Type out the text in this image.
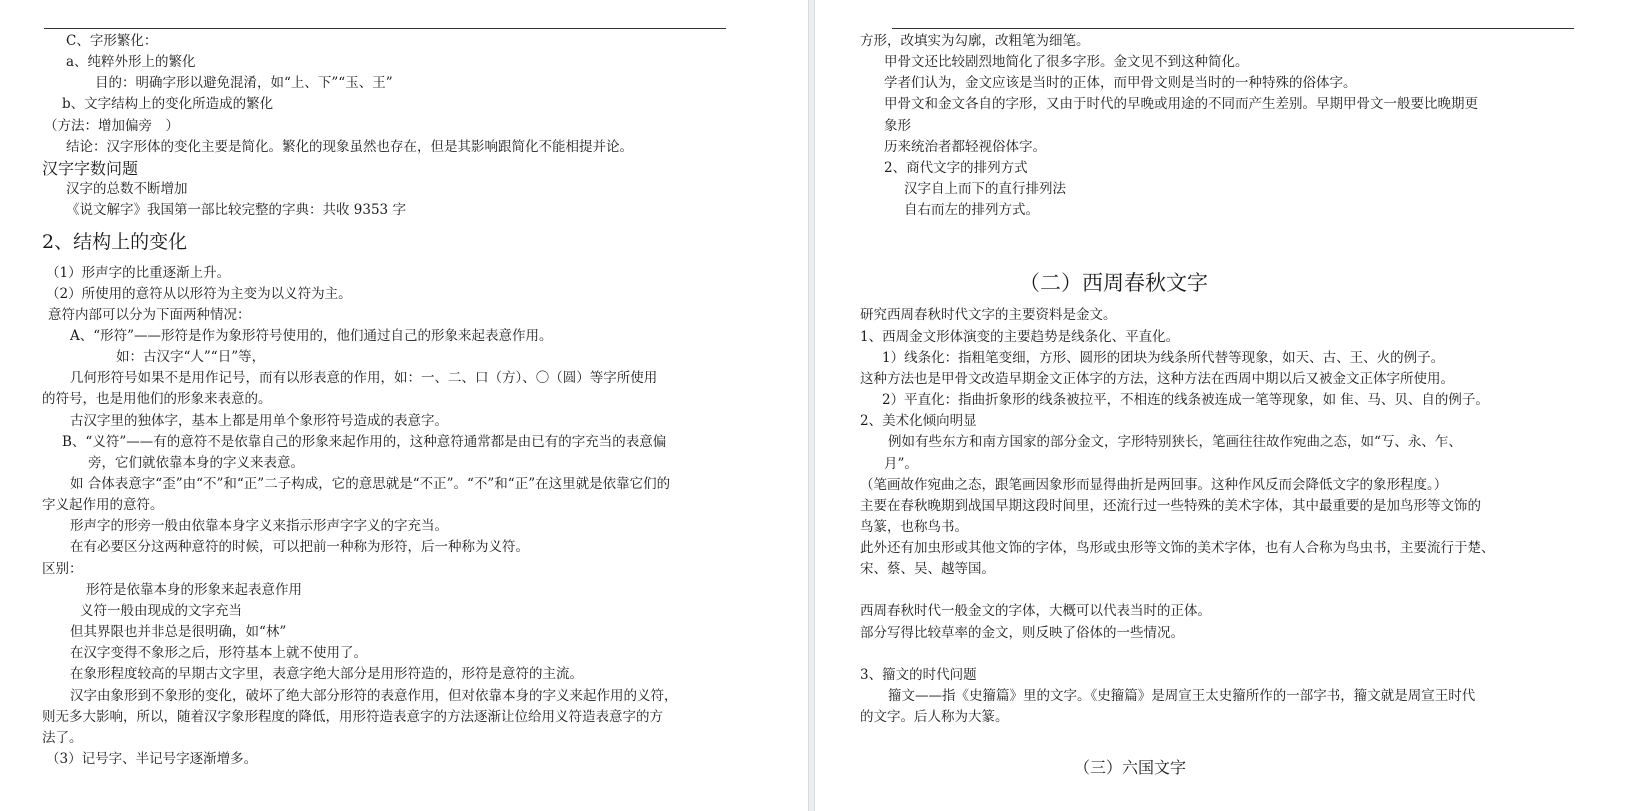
C、字形繁化：
a、纯粹外形上的繁化
目的：明确字形以避免混淆，如“上、下”“玉、王”
b、文字结构上的变化所造成的繁化
（方法：增加偏旁　）
结论：汉字形体的变化主要是简化。繁化的现象虽然也存在，但是其影响跟简化不能相提并论。
汉字字数问题
汉字的总数不断增加
《说文解字》我国第一部比较完整的字典：共收 9353 字
2、结构上的变化
（1）形声字的比重逐渐上升。
（2）所使用的意符从以形符为主变为以义符为主。
意符内部可以分为下面两种情况：
A、“形符”——形符是作为象形符号使用的，他们通过自己的形象来起表意作用。
如：古汉字“人”“日”等，
几何形符号如果不是用作记号，而有以形表意的作用，如：一、二、口（方）、〇（圆）等字所使用
的符号，也是用他们的形象来表意的。
古汉字里的独体字，基本上都是用单个象形符号造成的表意字。
B、“义符”——有的意符不是依靠自己的形象来起作用的，这种意符通常都是由已有的字充当的表意偏
旁，它们就依靠本身的字义来表意。
如 合体表意字“歪”由“不”和“正”二子构成，它的意思就是“不正”。“不”和“正”在这里就是依靠它们的
字义起作用的意符。
形声字的形旁一般由依靠本身字义来指示形声字字义的字充当。
在有必要区分这两种意符的时候，可以把前一种称为形符，后一种称为义符。
区别：
形符是依靠本身的形象来起表意作用
义符一般由现成的文字充当
但其界限也并非总是很明确，如“林”
在汉字变得不象形之后，形符基本上就不使用了。
在象形程度较高的早期古文字里，表意字绝大部分是用形符造的，形符是意符的主流。
汉字由象形到不象形的变化，破坏了绝大部分形符的表意作用，但对依靠本身的字义来起作用的义符，
则无多大影响，所以，随着汉字象形程度的降低，用形符造表意字的方法逐渐让位给用义符造表意字的方
法了。
（3）记号字、半记号字逐渐增多。
方形，改填实为勾廓，改粗笔为细笔。
甲骨文还比较剧烈地简化了很多字形。金文见不到这种简化。
学者们认为，金文应该是当时的正体，而甲骨文则是当时的一种特殊的俗体字。
甲骨文和金文各自的字形，又由于时代的早晚或用途的不同而产生差别。早期甲骨文一般要比晚期更
象形
历来统治者都轻视俗体字。
2、商代文字的排列方式
汉字自上而下的直行排列法
自右而左的排列方式。
（二）西周春秋文字
研究西周春秋时代文字的主要资料是金文。
1、西周金文形体演变的主要趋势是线条化、平直化。
1）线条化：指粗笔变细，方形、圆形的团块为线条所代替等现象，如天、古、王、火的例子。
这种方法也是甲骨文改造早期金文正体字的方法，这种方法在西周中期以后又被金文正体字所使用。
2）平直化：指曲折象形的线条被拉平，不相连的线条被连成一笔等现象，如 隹、马、贝、自的例子。
2、美术化倾向明显
例如有些东方和南方国家的部分金文，字形特别狭长，笔画往往故作宛曲之态，如“丂、永、乍、
月”。
（笔画故作宛曲之态，跟笔画因象形而显得曲折是两回事。这种作风反而会降低文字的象形程度。）
主要在春秋晚期到战国早期这段时间里，还流行过一些特殊的美术字体，其中最重要的是加鸟形等文饰的
鸟篆，也称鸟书。
此外还有加虫形或其他文饰的字体，鸟形或虫形等文饰的美术字体，也有人合称为鸟虫书，主要流行于楚、
宋、蔡、吴、越等国。
西周春秋时代一般金文的字体，大概可以代表当时的正体。
部分写得比较草率的金文，则反映了俗体的一些情况。
3、籀文的时代问题
籀文——指《史籀篇》里的文字。《史籀篇》是周宣王太史籀所作的一部字书，籀文就是周宣王时代
的文字。后人称为大篆。
（三）六国文字
